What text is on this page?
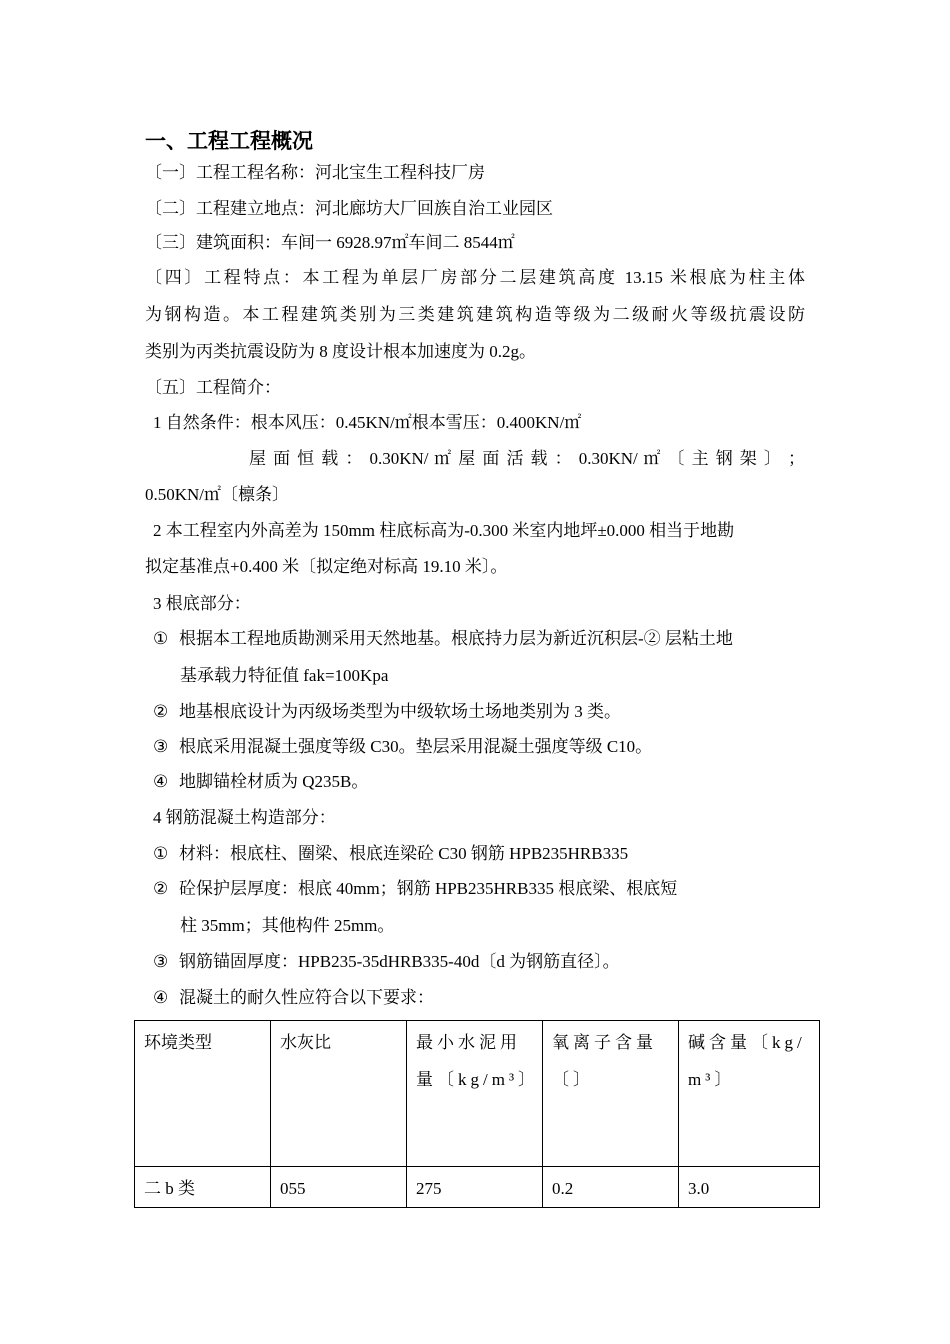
一、工程工程概况
〔一〕工程工程名称：河北宝生工程科技厂房
〔二〕工程建立地点：河北廊坊大厂回族自治工业园区
〔三〕建筑面积：车间一 6928.97㎡车间二 8544㎡
〔四〕工程特点：本工程为单层厂房部分二层建筑高度 13.15 米根底为柱主体
为钢构造。本工程建筑类别为三类建筑建筑构造等级为二级耐火等级抗震设防
类别为丙类抗震设防为 8 度设计根本加速度为 0.2g。
〔五〕工程简介：
1 自然条件：根本风压：0.45KN/㎡根本雪压：0.400KN/㎡
屋 面 恒 载 ： 0.30KN/ ㎡ 屋 面 活 载 ： 0.30KN/ ㎡ 〔 主 钢 架 〕 ；
0.50KN/㎡〔檩条〕
2 本工程室内外高差为 150mm 柱底标高为-0.300 米室内地坪±0.000 相当于地勘
拟定基准点+0.400 米〔拟定绝对标高 19.10 米〕。
3 根底部分：
① 根据本工程地质勘测采用天然地基。根底持力层为新近沉积层-② 层粘土地
基承载力特征值 fak=100Kpa
② 地基根底设计为丙级场类型为中级软场土场地类别为 3 类。
③ 根底采用混凝土强度等级 C30。垫层采用混凝土强度等级 C10。
④ 地脚锚栓材质为 Q235B。
4 钢筋混凝土构造部分：
① 材料：根底柱、圈梁、根底连梁砼 C30 钢筋 HPB235HRB335
② 砼保护层厚度：根底 40mm；钢筋 HPB235HRB335 根底梁、根底短
柱 35mm；其他构件 25mm。
③ 钢筋锚固厚度：HPB235-35dHRB335-40d〔d 为钢筋直径〕。
④ 混凝土的耐久性应符合以下要求：
环境类型	水灰比	最小水泥用量〔kg/m³〕	氧离子含量〔〕	碱含量〔kg/m³〕
二 b 类	055	275	0.2	3.0
